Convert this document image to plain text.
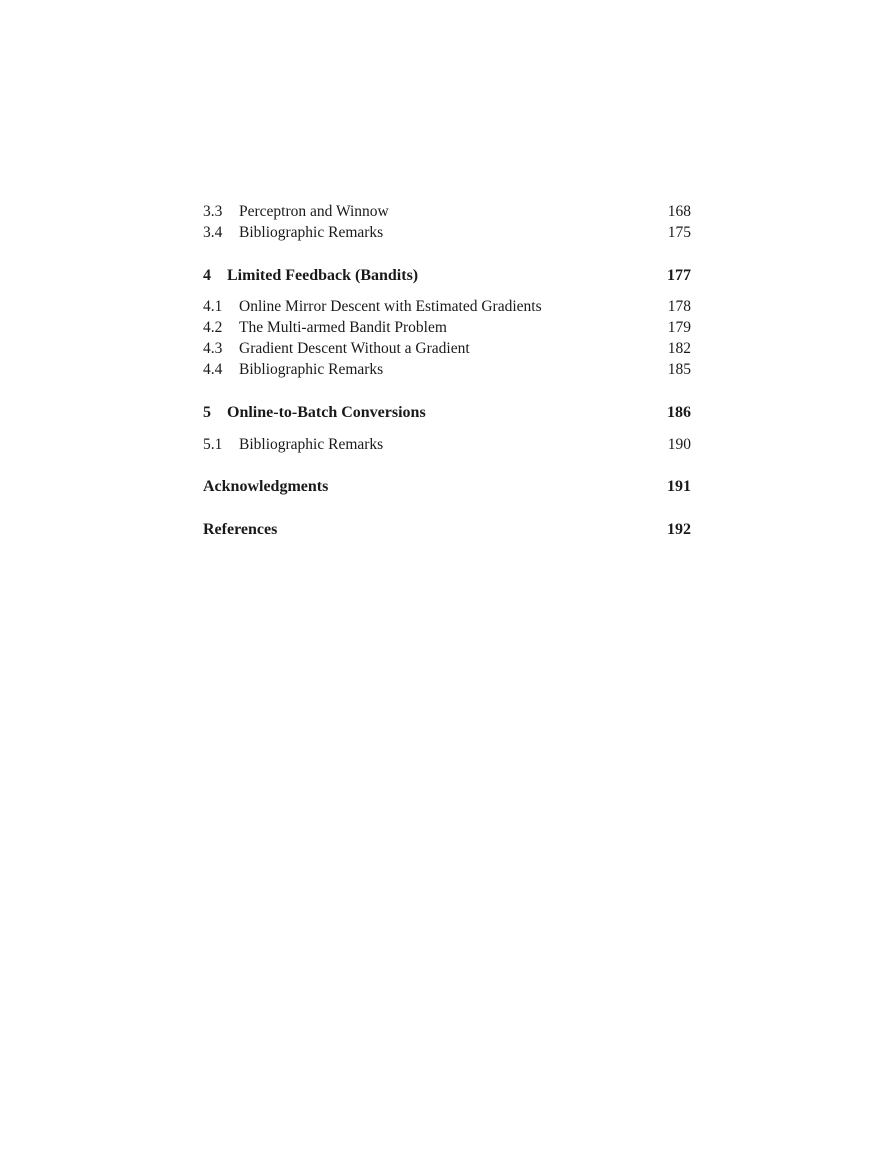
3.3	Perceptron and Winnow	168
3.4	Bibliographic Remarks	175
4	Limited Feedback (Bandits)	177
4.1	Online Mirror Descent with Estimated Gradients	178
4.2	The Multi-armed Bandit Problem	179
4.3	Gradient Descent Without a Gradient	182
4.4	Bibliographic Remarks	185
5	Online-to-Batch Conversions	186
5.1	Bibliographic Remarks	190
Acknowledgments	191
References	192
